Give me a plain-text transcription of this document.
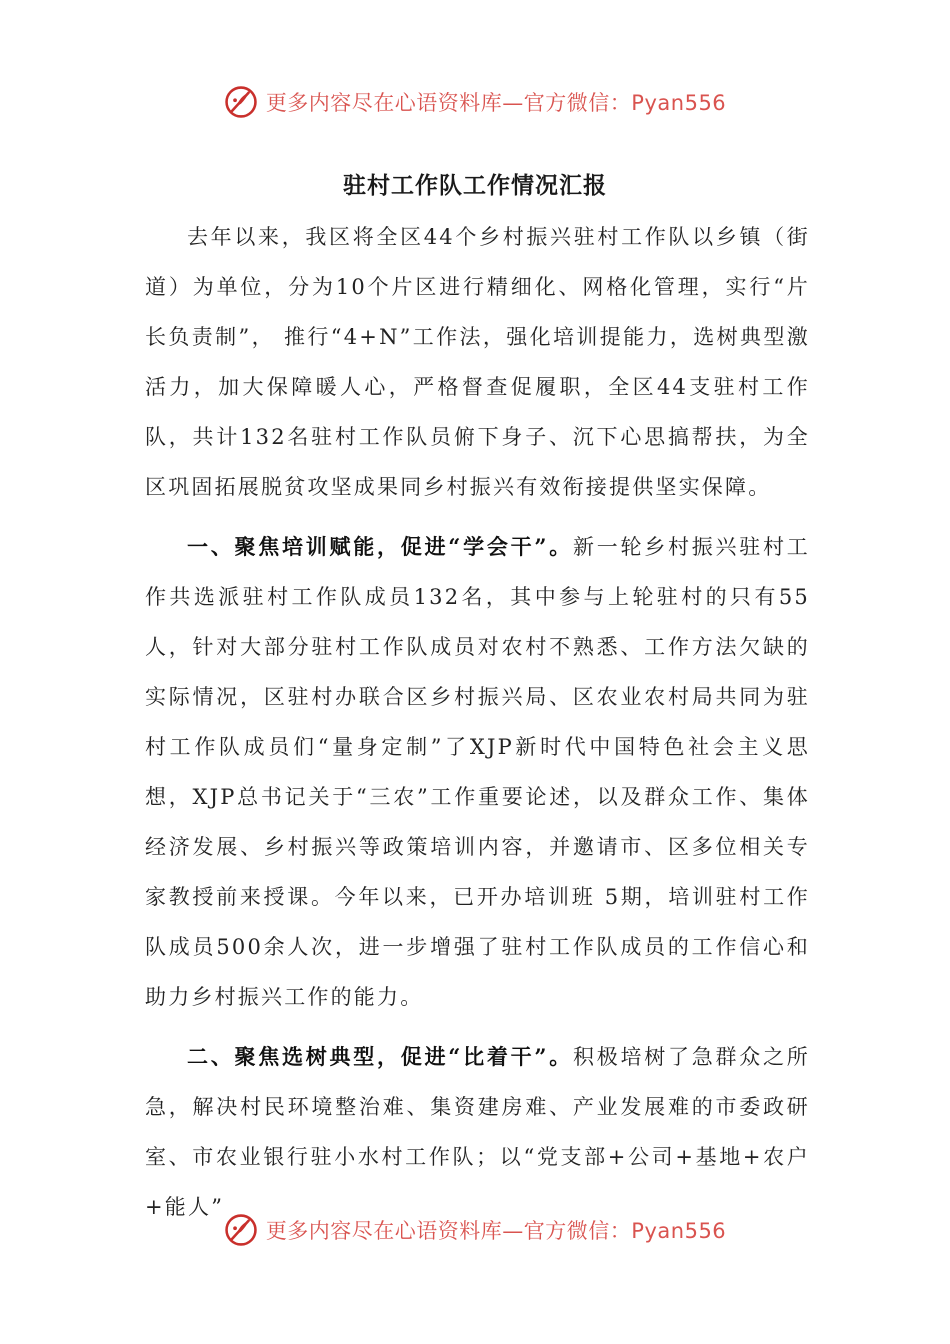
更多内容尽在心语资料库—官方微信：Pyan556
驻村工作队工作情况汇报

去年以来，我区将全区44个乡村振兴驻村工作队以乡镇（街道）为单位，分为10个片区进行精细化、网格化管理，实行“片长负责制”， 推行“4+N”工作法，强化培训提能力，选树典型激活力，加大保障暖人心，严格督查促履职，全区44支驻村工作队，共计132名驻村工作队员俯下身子、沉下心思搞帮扶，为全区巩固拓展脱贫攻坚成果同乡村振兴有效衔接提供坚实保障。

一、聚焦培训赋能，促进“学会干”。新一轮乡村振兴驻村工作共选派驻村工作队成员132名，其中参与上轮驻村的只有55人，针对大部分驻村工作队成员对农村不熟悉、工作方法欠缺的实际情况，区驻村办联合区乡村振兴局、区农业农村局共同为驻村工作队成员们“量身定制”了XJP新时代中国特色社会主义思想，XJP总书记关于“三农”工作重要论述，以及群众工作、集体经济发展、乡村振兴等政策培训内容，并邀请市、区多位相关专家教授前来授课。今年以来，已开办培训班 5期，培训驻村工作队成员500余人次，进一步增强了驻村工作队成员的工作信心和助力乡村振兴工作的能力。

二、聚焦选树典型，促进“比着干”。积极培树了急群众之所急，解决村民环境整治难、集资建房难、产业发展难的市委政研室、市农业银行驻小水村工作队；以“党支部+公司+基地+农户+能人”

更多内容尽在心语资料库—官方微信：Pyan556
